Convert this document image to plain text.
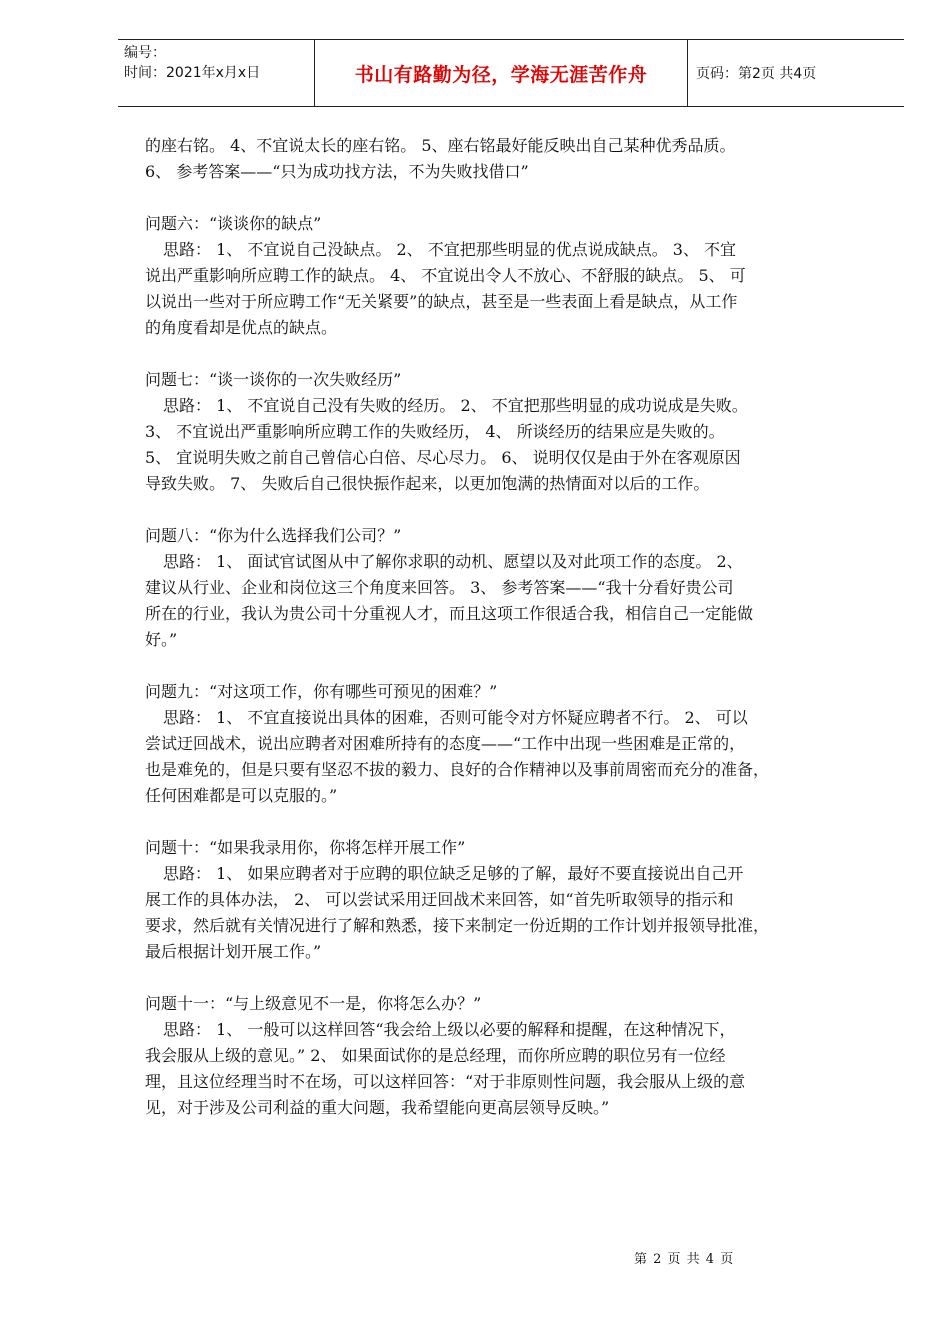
编号：
时间：2021年x月x日	书山有路勤为径，学海无涯苦作舟	页码：第2页 共4页

的座右铭。 4、不宜说太长的座右铭。 5、座右铭最好能反映出自己某种优秀品质。

6、 参考答案——“只为成功找方法，不为失败找借口”

问题六：“谈谈你的缺点”

思路： 1、 不宜说自己没缺点。 2、 不宜把那些明显的优点说成缺点。 3、 不宜

说出严重影响所应聘工作的缺点。 4、 不宜说出令人不放心、不舒服的缺点。 5、 可

以说出一些对于所应聘工作“无关紧要”的缺点，甚至是一些表面上看是缺点，从工作

的角度看却是优点的缺点。

问题七：“谈一谈你的一次失败经历”

思路： 1、 不宜说自己没有失败的经历。 2、 不宜把那些明显的成功说成是失败。

3、 不宜说出严重影响所应聘工作的失败经历， 4、 所谈经历的结果应是失败的。

5、 宜说明失败之前自己曾信心白倍、尽心尽力。 6、 说明仅仅是由于外在客观原因

导致失败。 7、 失败后自己很快振作起来，以更加饱满的热情面对以后的工作。

问题八：“你为什么选择我们公司？”

思路： 1、 面试官试图从中了解你求职的动机、愿望以及对此项工作的态度。 2、

建议从行业、企业和岗位这三个角度来回答。 3、 参考答案——“我十分看好贵公司

所在的行业，我认为贵公司十分重视人才，而且这项工作很适合我，相信自己一定能做

好。”

问题九：“对这项工作，你有哪些可预见的困难？”

思路： 1、 不宜直接说出具体的困难，否则可能令对方怀疑应聘者不行。 2、 可以

尝试迂回战术，说出应聘者对困难所持有的态度——“工作中出现一些困难是正常的，

也是难免的，但是只要有坚忍不拔的毅力、良好的合作精神以及事前周密而充分的准备，

任何困难都是可以克服的。”

问题十：“如果我录用你，你将怎样开展工作”

思路： 1、 如果应聘者对于应聘的职位缺乏足够的了解，最好不要直接说出自己开

展工作的具体办法， 2、 可以尝试采用迂回战术来回答，如“首先听取领导的指示和

要求，然后就有关情况进行了解和熟悉，接下来制定一份近期的工作计划并报领导批准，

最后根据计划开展工作。”

问题十一：“与上级意见不一是，你将怎么办？”

思路： 1、 一般可以这样回答“我会给上级以必要的解释和提醒，在这种情况下，

我会服从上级的意见。” 2、 如果面试你的是总经理，而你所应聘的职位另有一位经

理，且这位经理当时不在场，可以这样回答：“对于非原则性问题，我会服从上级的意

见，对于涉及公司利益的重大问题，我希望能向更高层领导反映。”

第 2 页 共 4 页
